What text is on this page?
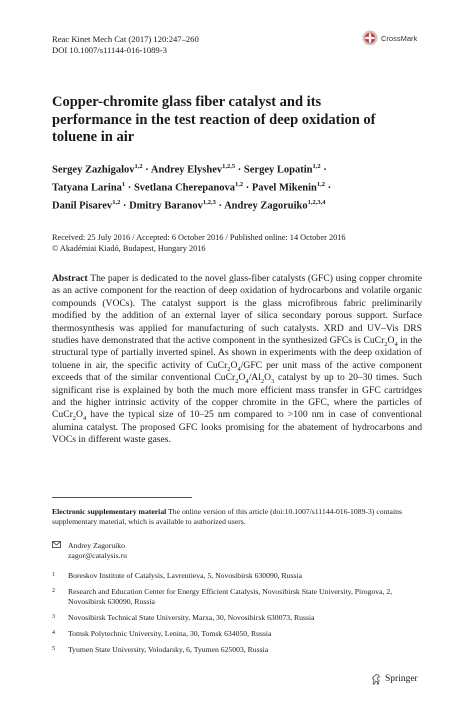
Reac Kinet Mech Cat (2017) 120:247–260
DOI 10.1007/s11144-016-1089-3
CrossMark
Copper-chromite glass fiber catalyst and its performance in the test reaction of deep oxidation of toluene in air
Sergey Zazhigalov$^{1,2}$ · Andrey Elyshev$^{1,2,5}$ · Sergey Lopatin$^{1,2}$ ·
Tatyana Larina$^1$ · Svetlana Cherepanova$^{1,2}$ · Pavel Mikenin$^{1,2}$ ·
Danil Pisarev$^{1,2}$ · Dmitry Baranov$^{1,2,3}$ · Andrey Zagoruiko$^{1,2,3,4}$
Received: 25 July 2016 / Accepted: 6 October 2016 / Published online: 14 October 2016
© Akadémiai Kiadó, Budapest, Hungary 2016
Abstract The paper is dedicated to the novel glass-fiber catalysts (GFC) using copper chromite as an active component for the reaction of deep oxidation of hydrocarbons and volatile organic compounds (VOCs). The catalyst support is the glass microfibrous fabric preliminarily modified by the addition of an external layer of silica secondary porous support. Surface thermosynthesis was applied for manufacturing of such catalysts. XRD and UV–Vis DRS studies have demonstrated that the active component in the synthesized GFCs is $CuCr_2O_4$ in the structural type of partially inverted spinel. As shown in experiments with the deep oxidation of toluene in air, the specific activity of $CuCr_2O_4$/GFC per unit mass of the active component exceeds that of the similar conventional $CuCr_2O_4/Al_2O_3$ catalyst by up to 20–30 times. Such significant rise is explained by both the much more efficient mass transfer in GFC cartridges and the higher intrinsic activity of the copper chromite in the GFC, where the particles of $CuCr_2O_4$ have the typical size of 10–25 nm compared to >100 nm in case of conventional alumina catalyst. The proposed GFC looks promising for the abatement of hydrocarbons and VOCs in different waste gases.
Electronic supplementary material The online version of this article (doi:10.1007/s11144-016-1089-3) contains supplementary material, which is available to authorized users.
Andrey Zagoruiko
zagor@catalysis.ru
1	Boreskov Institute of Catalysis, Lavrentieva, 5, Novosibirsk 630090, Russia
2	Research and Education Center for Energy Efficient Catalysis, Novosibirsk State University, Pirogova, 2, Novosibirsk 630090, Russia
3	Novosibirsk Technical State University, Marxa, 30, Novosibirsk 630073, Russia
4	Tomsk Polytechnic University, Lenina, 30, Tomsk 634050, Russia
5	Tyumen State University, Volodarsky, 6, Tyumen 625003, Russia
Springer
